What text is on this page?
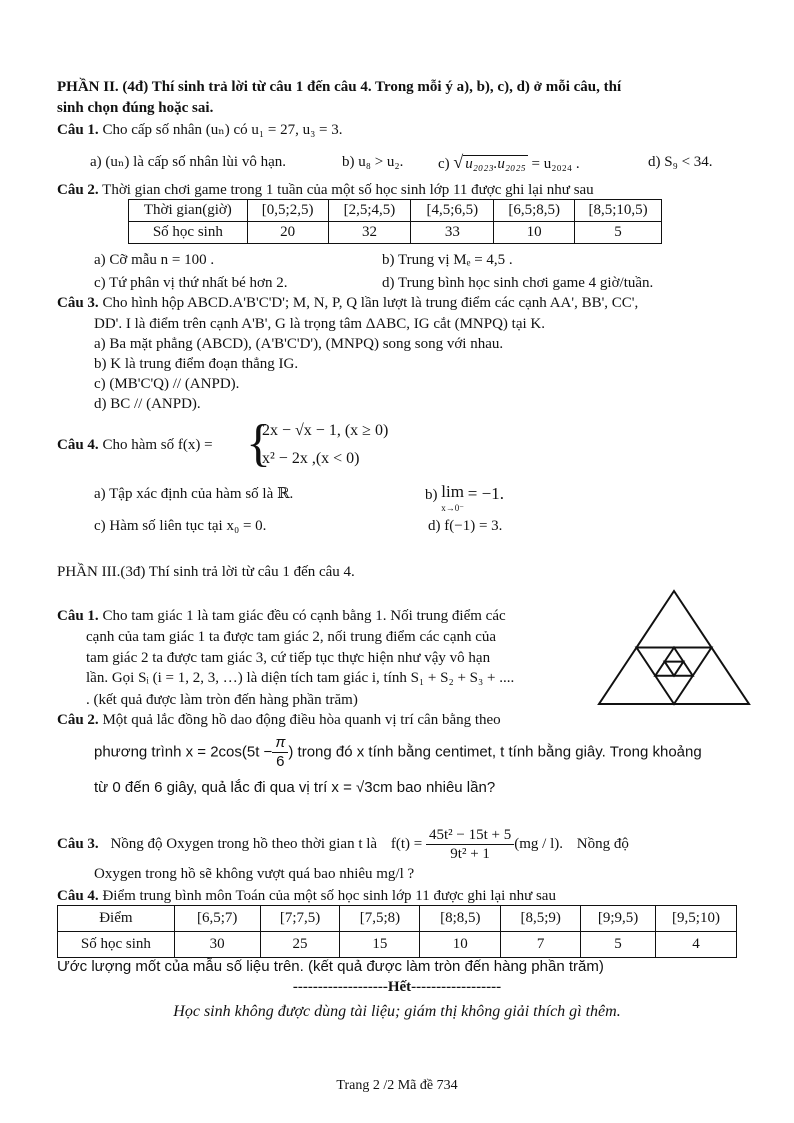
PHẦN II. (4đ) Thí sinh trả lời từ câu 1 đến câu 4. Trong mỗi ý a), b), c), d) ở mỗi câu, thí
sinh chọn đúng hoặc sai.
Câu 1. Cho cấp số nhân (uₙ) có u₁ = 27, u₃ = 3.
a) (uₙ) là cấp số nhân lùi vô hạn.	b) u₈ > u₂. c) √ u₂₀₂₃.u₂₀₂₅ = u₂₀₂₄ .	d) S₉ < 34.
Câu 2. Thời gian chơi game trong 1 tuần của một số học sinh lớp 11 được ghi lại như sau
Thời gian(giờ)	[0,5;2,5)	[2,5;4,5)	[4,5;6,5)	[6,5;8,5)	[8,5;10,5)
Số học sinh	20	32	33	10	5
a) Cỡ mẫu n = 100 .	b) Trung vị Mₑ = 4,5 .
c) Tứ phân vị thứ nhất bé hơn 2.	d) Trung bình học sinh chơi game 4 giờ/tuần.
Câu 3. Cho hình hộp ABCD.A'B'C'D'; M, N, P, Q lần lượt là trung điểm các cạnh AA', BB', CC',
DD'. I là điểm trên cạnh A'B', G là trọng tâm ΔABC, IG cắt (MNPQ) tại K.
a) Ba mặt phẳng (ABCD), (A'B'C'D'), (MNPQ) song song với nhau.
b) K là trung điểm đoạn thẳng IG.
c) (MB'C'Q) // (ANPD).
d) BC // (ANPD).
Câu 4. Cho hàm số f(x) = {
2x − √x − 1, (x ≥ 0)
x² − 2x ,(x < 0)
a) Tập xác định của hàm số là ℝ.	b) lim
x→0⁻
= −1.
c) Hàm số liên tục tại x₀ = 0.	d) f(−1) = 3.
PHẦN III.(3đ) Thí sinh trả lời từ câu 1 đến câu 4.
Câu 1. Cho tam giác 1 là tam giác đều có cạnh bằng 1. Nối trung điểm các
cạnh của tam giác 1 ta được tam giác 2, nối trung điểm các cạnh của
tam giác 2 ta được tam giác 3, cứ tiếp tục thực hiện như vậy vô hạn
lần. Gọi Sᵢ (i = 1, 2, 3, …) là diện tích tam giác i, tính S₁ + S₂ + S₃ + ....
. (kết quả được làm tròn đến hàng phần trăm)
Câu 2. Một quả lắc đồng hồ dao động điều hòa quanh vị trí cân bằng theo
phương trình $x = 2\cos(5t - \frac{\pi}{6}$ ) trong đó x tính bằng centimet, t tính bằng giây. Trong khoảng
từ 0 đến 6 giây, quả lắc đi qua vị trí x = √3cm bao nhiêu lần?
Câu 3. Nồng độ Oxygen trong hồ theo thời gian t là $f(t) = \frac{\text{45t² − 15t + 5}}{\text{9t² + 1}} (mg / l)$. Nồng độ
Oxygen trong hồ sẽ không vượt quá bao nhiêu mg/l ?
Câu 4. Điểm trung bình môn Toán của một số học sinh lớp 11 được ghi lại như sau
Điểm	[6,5;7)	[7;7,5)	[7,5;8)	[8;8,5)	[8,5;9)	[9;9,5)	[9,5;10)
Số học sinh	30	25	15	10	7	5	4
Ước lượng mốt của mẫu số liệu trên. (kết quả được làm tròn đến hàng phần trăm)
-------------------Hết------------------
Học sinh không được dùng tài liệu; giám thị không giải thích gì thêm.
Trang 2 /2 Mã đề 734
